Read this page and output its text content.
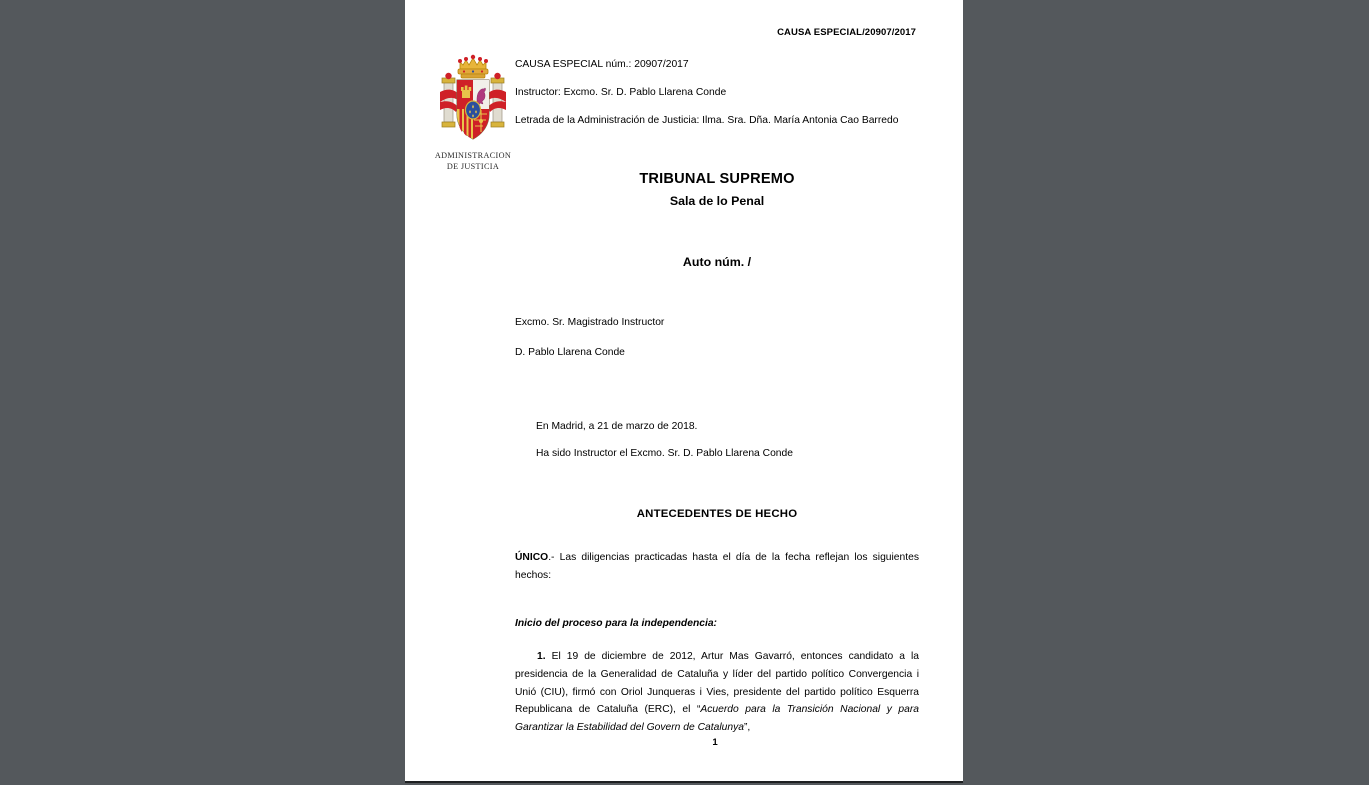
CAUSA ESPECIAL/20907/2017
ADMINISTRACION
DE JUSTICIA

CAUSA ESPECIAL núm.: 20907/2017

Instructor: Excmo. Sr. D. Pablo Llarena Conde

Letrada de la Administración de Justicia: Ilma. Sra. Dña. María Antonia Cao Barredo

TRIBUNAL SUPREMO
Sala de lo Penal

Auto núm. /

Excmo. Sr. Magistrado Instructor

D. Pablo Llarena Conde

En Madrid, a 21 de marzo de 2018.

Ha sido Instructor el Excmo. Sr. D. Pablo Llarena Conde

ANTECEDENTES DE HECHO

ÚNICO.- Las diligencias practicadas hasta el día de la fecha reflejan los siguientes hechos:

Inicio del proceso para la independencia:

1. El 19 de diciembre de 2012, Artur Mas Gavarró, entonces candidato a la presidencia de la Generalidad de Cataluña y líder del partido político Convergencia i Unió (CIU), firmó con Oriol Junqueras i Vies, presidente del partido político Esquerra Republicana de Cataluña (ERC), el “Acuerdo para la Transición Nacional y para Garantizar la Estabilidad del Govern de Catalunya”,

1
